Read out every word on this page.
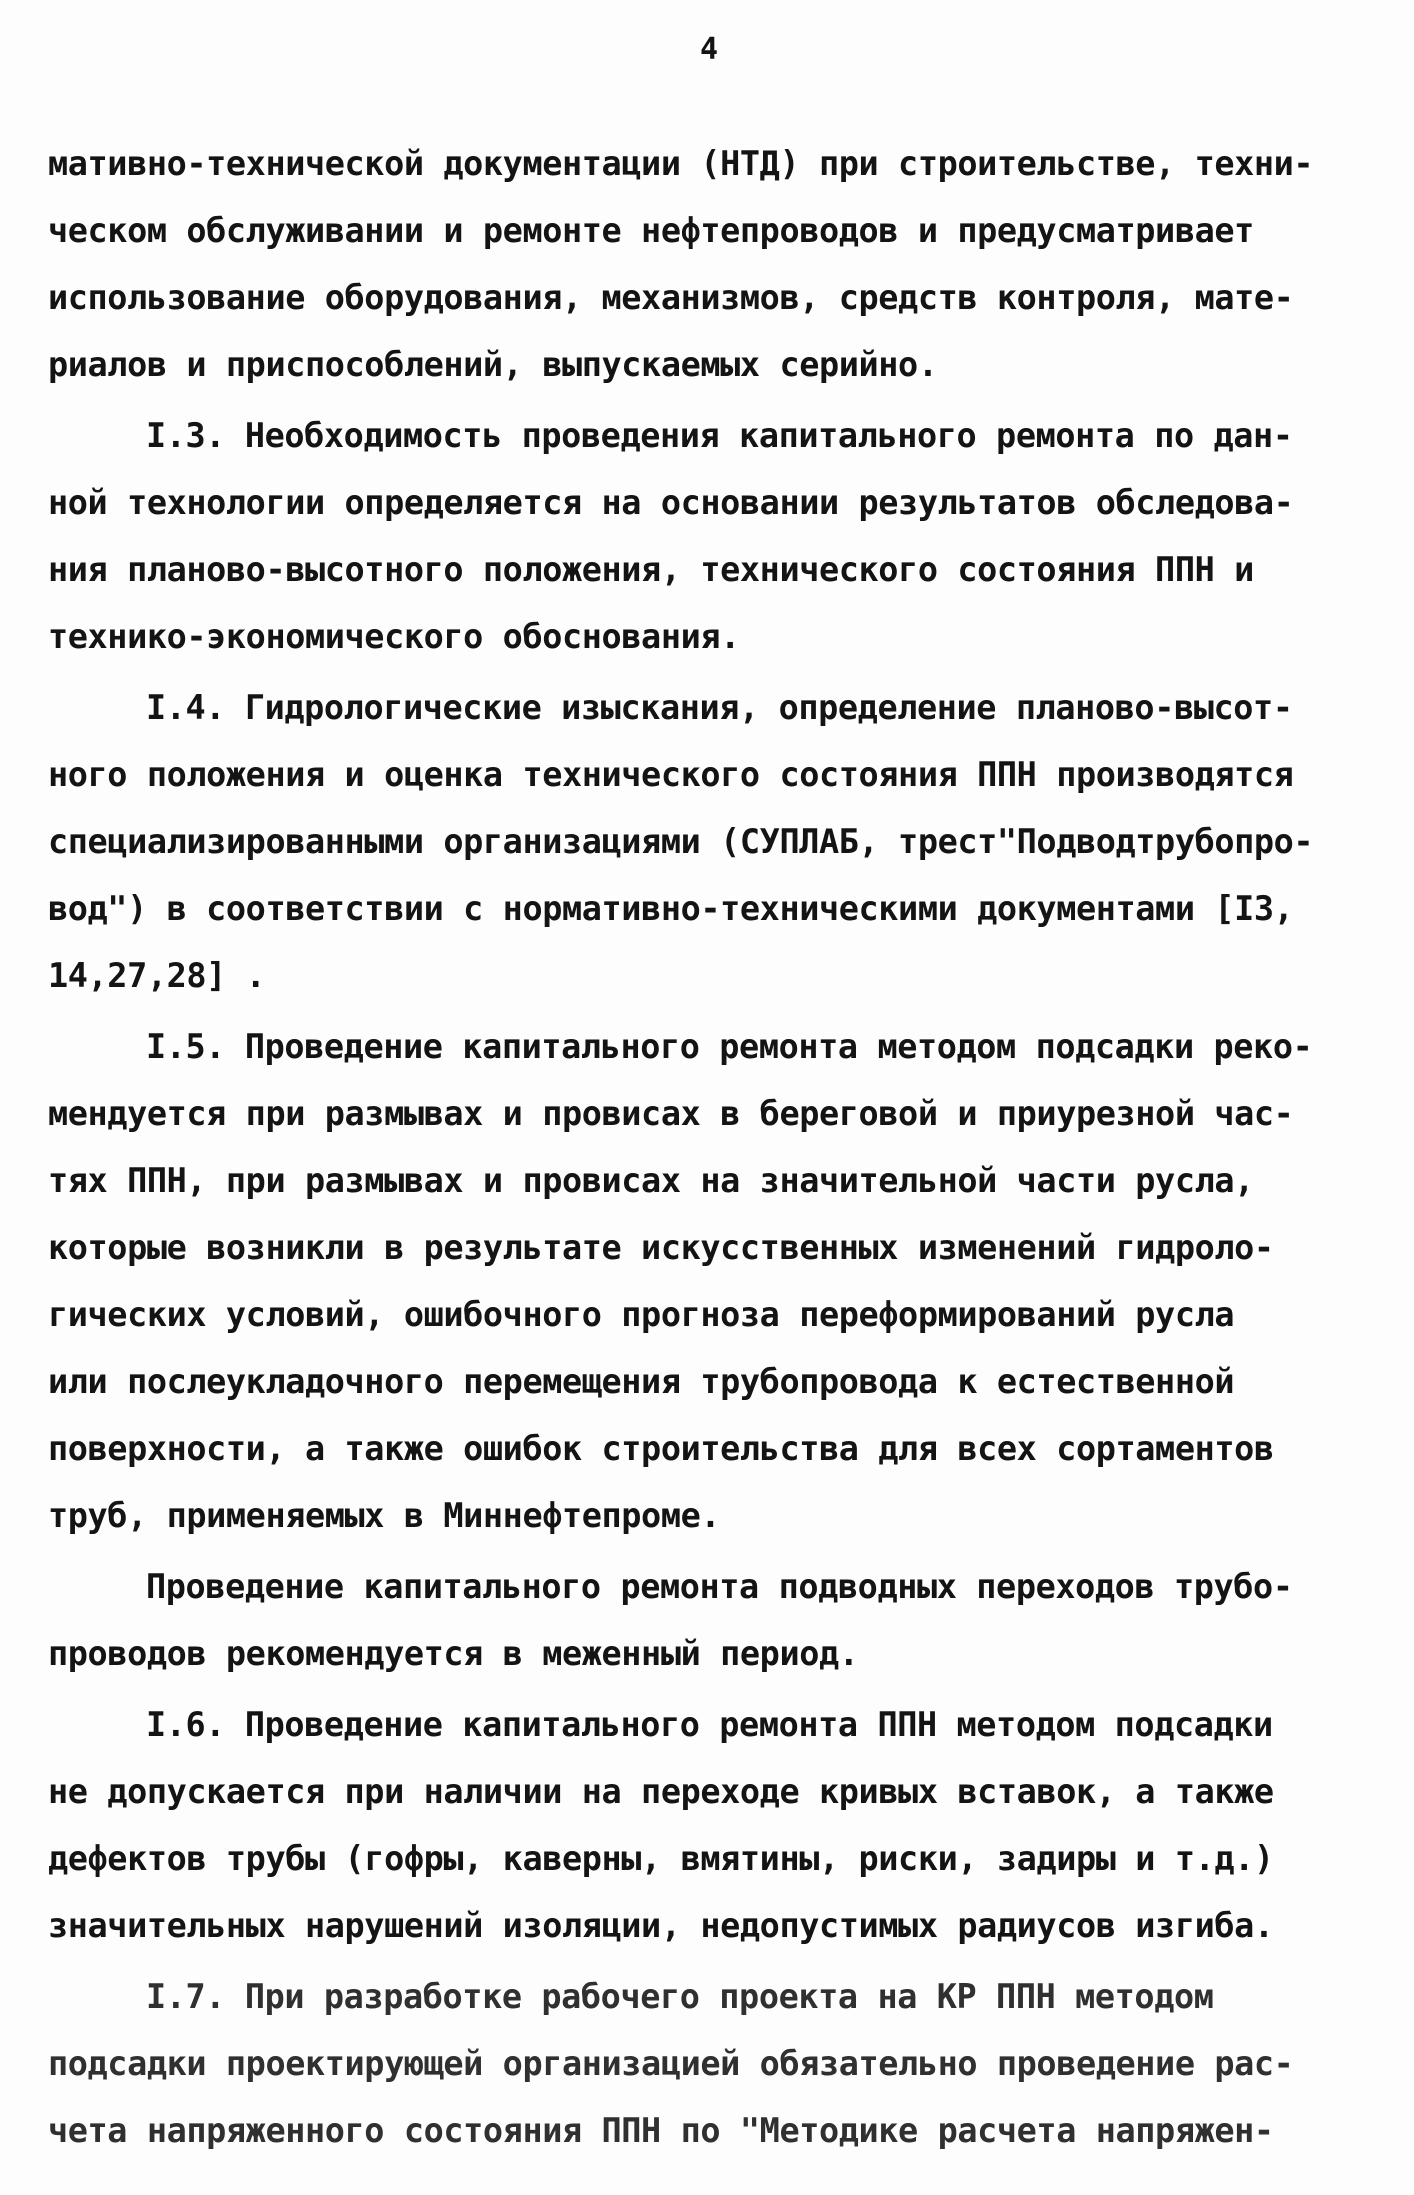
4
мативно-технической документации (НТД) при строительстве, техни-
ческом обслуживании и ремонте нефтепроводов и предусматривает
использование оборудования, механизмов, средств контроля, мате-
риалов и приспособлений, выпускаемых серийно.
I.3. Необходимость проведения капитального ремонта по дан-
ной технологии определяется на основании результатов обследова-
ния планово-высотного положения, технического состояния ППН и
технико-экономического обоснования.
I.4. Гидрологические изыскания, определение планово-высот-
ного положения и оценка технического состояния ППН производятся
специализированными организациями (СУПЛАБ, трест"Подводтрубопро-
вод") в соответствии с нормативно-техническими документами [I3,
14,27,28] .
I.5. Проведение капитального ремонта методом подсадки реко-
мендуется при размывах и провисах в береговой и приурезной час-
тях ППН, при размывах и провисах на значительной части русла,
которые возникли в результате искусственных изменений гидроло-
гических условий, ошибочного прогноза переформирований русла
или послеукладочного перемещения трубопровода к естественной
поверхности, а также ошибок строительства для всех сортаментов
труб, применяемых в Миннефтепроме.
Проведение капитального ремонта подводных переходов трубо-
проводов рекомендуется в меженный период.
I.6. Проведение капитального ремонта ППН методом подсадки
не допускается при наличии на переходе кривых вставок, а также
дефектов трубы (гофры, каверны, вмятины, риски, задиры и т.д.)
значительных нарушений изоляции, недопустимых радиусов изгиба.
I.7. При разработке рабочего проекта на КР ППН методом
подсадки проектирующей организацией обязательно проведение рас-
чета напряженного состояния ППН по "Методике расчета напряжен-
